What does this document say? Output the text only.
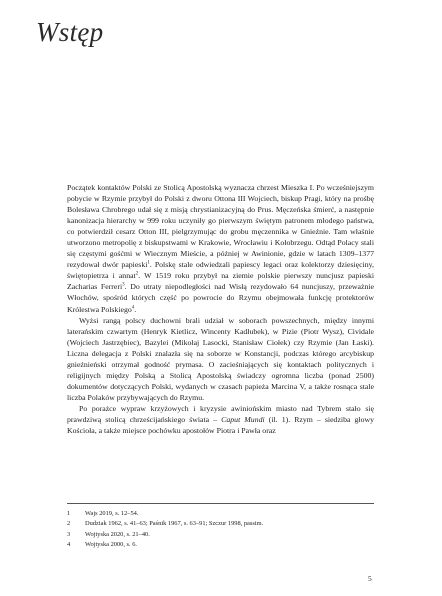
Wstęp

Początek kontaktów Polski ze Stolicą Apostolską wyznacza chrzest Mieszka I. Po wcześniejszym pobycie w Rzymie przybył do Polski z dworu Ottona III Wojciech, biskup Pragi, który na prośbę Bolesława Chrobrego udał się z misją chrystianizacyjną do Prus. Męczeńska śmierć, a następnie kanonizacja hierarchy w 999 roku uczyniły go pierwszym świętym patronem młodego państwa, co potwierdził cesarz Otton III, pielgrzymując do grobu męczennika w Gnieźnie. Tam właśnie utworzono metropolię z biskupstwami w Krakowie, Wrocławiu i Kołobrzegu. Odtąd Polacy stali się częstymi gośćmi w Wiecznym Mieście, a później w Awinionie, gdzie w latach 1309–1377 rezydował dwór papieski$^1$. Polskę stale odwiedzali papiescy legaci oraz kolektorzy dziesięciny, świętopietrza i annat$^2$. W 1519 roku przybył na ziemie polskie pierwszy nuncjusz papieski Zacharias Ferreri$^3$. Do utraty niepodległości nad Wisłą rezydowało 64 nuncjuszy, przeważnie Włochów, spośród których część po powrocie do Rzymu obejmowała funkcję protektorów Królestwa Polskiego$^4$.

Wyżsi rangą polscy duchowni brali udział w soborach powszechnych, między innymi laterańskim czwartym (Henryk Kietlicz, Wincenty Kadłubek), w Pizie (Piotr Wysz), Cividale (Wojciech Jastrzębiec), Bazylei (Mikołaj Lasocki, Stanisław Ciołek) czy Rzymie (Jan Łaski). Liczna delegacja z Polski znalazła się na soborze w Konstancji, podczas którego arcybiskup gnieźnieński otrzymał godność prymasa. O zacieśniających się kontaktach politycznych i religijnych między Polską a Stolicą Apostolską świadczy ogromna liczba (ponad 2500) dokumentów dotyczących Polski, wydanych w czasach papieża Marcina V, a także rosnąca stale liczba Polaków przybywających do Rzymu.

Po porażce wypraw krzyżowych i kryzysie awiniońskim miasto nad Tybrem stało się prawdziwą stolicą chrześcijańskiego świata – Caput Mundi (il. 1). Rzym – siedziba głowy Kościoła, a także miejsce pochówku apostołów Piotra i Pawła oraz

1	Wajs 2019, s. 12–54.
2	Dudziak 1962, s. 41–63; Paśnik 1967, s. 63–91; Szczur 1998, passim.
3	Wojtyska 2020, s. 21–40.
4	Wojtyska 2000, s. 6.
5
